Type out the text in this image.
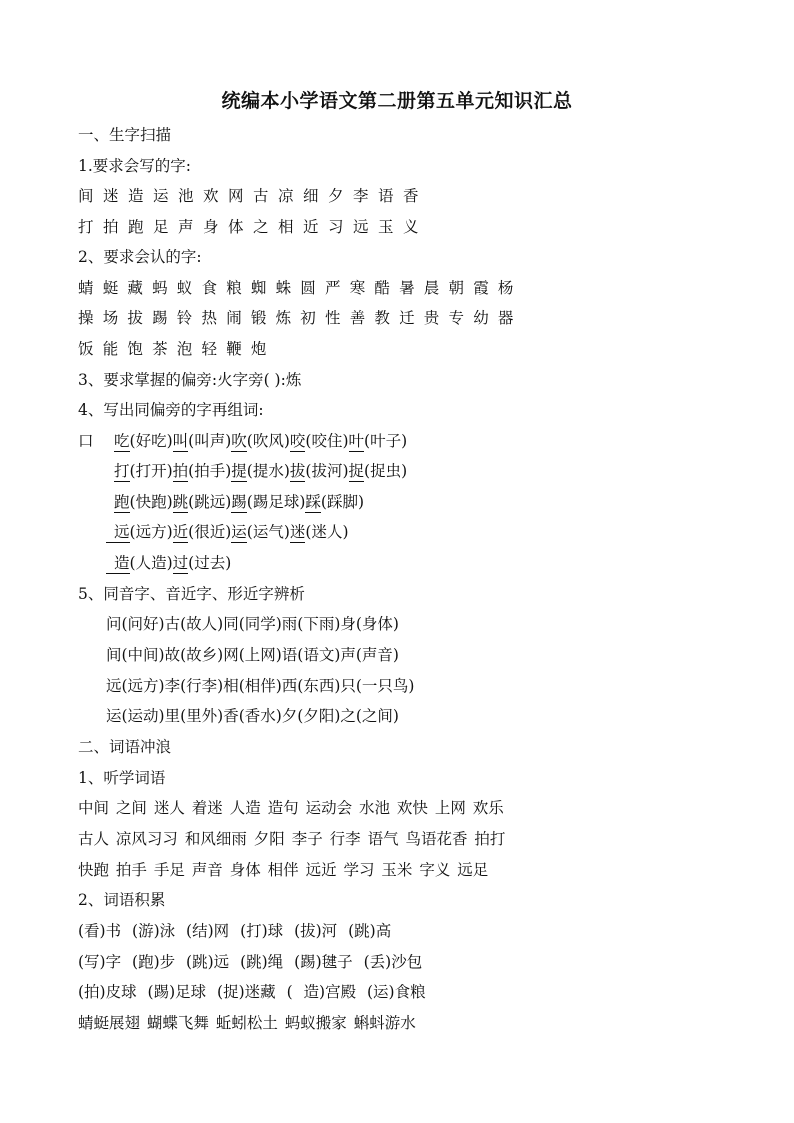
统编本小学语文第二册第五单元知识汇总
一、生字扫描
1.要求会写的字:
间迷造运池欢网古凉细夕李语香
打拍跑足声身体之相近习远玉义
2、要求会认的字:
蜻蜓藏蚂蚁食粮蜘蛛圆严寒酷暑晨朝霞杨
操场拔踢铃热闹锻炼初性善教迁贵专幼器
饭能饱茶泡轻鞭炮
3、要求掌握的偏旁:火字旁( ):炼
4、写出同偏旁的字再组词:
口 吃(好吃)叫(叫声)吹(吹风)咬(咬住)叶(叶子)
打(打开)拍(拍手)提(提水)拔(拔河)捉(捉虫)
跑(快跑)跳(跳远)踢(踢足球)踩(踩脚)
远(远方)近(很近)运(运气)迷(迷人)
造(人造)过(过去)
5、同音字、音近字、形近字辨析
问(问好)古(故人)同(同学)雨(下雨)身(身体)
间(中间)故(故乡)网(上网)语(语文)声(声音)
远(远方)李(行李)相(相伴)西(东西)只(一只鸟)
运(运动)里(里外)香(香水)夕(夕阳)之(之间)
二、词语冲浪
1、听学词语
中间 之间 迷人 着迷 人造 造句 运动会 水池 欢快 上网 欢乐
古人 凉风习习 和风细雨 夕阳 李子 行李 语气 鸟语花香 拍打
快跑 拍手 手足 声音 身体 相伴 远近 学习 玉米 字义 远足
2、词语积累
(看)书 (游)泳 (结)网 (打)球 (拔)河 (跳)高
(写)字 (跑)步 (跳)远 (跳)绳 (踢)毽子 (丢)沙包
(拍)皮球 (踢)足球 (捉)迷藏 ( 造)宫殿 (运)食粮
蜻蜓展翅 蝴蝶飞舞 蚯蚓松土 蚂蚁搬家 蝌蚪游水
